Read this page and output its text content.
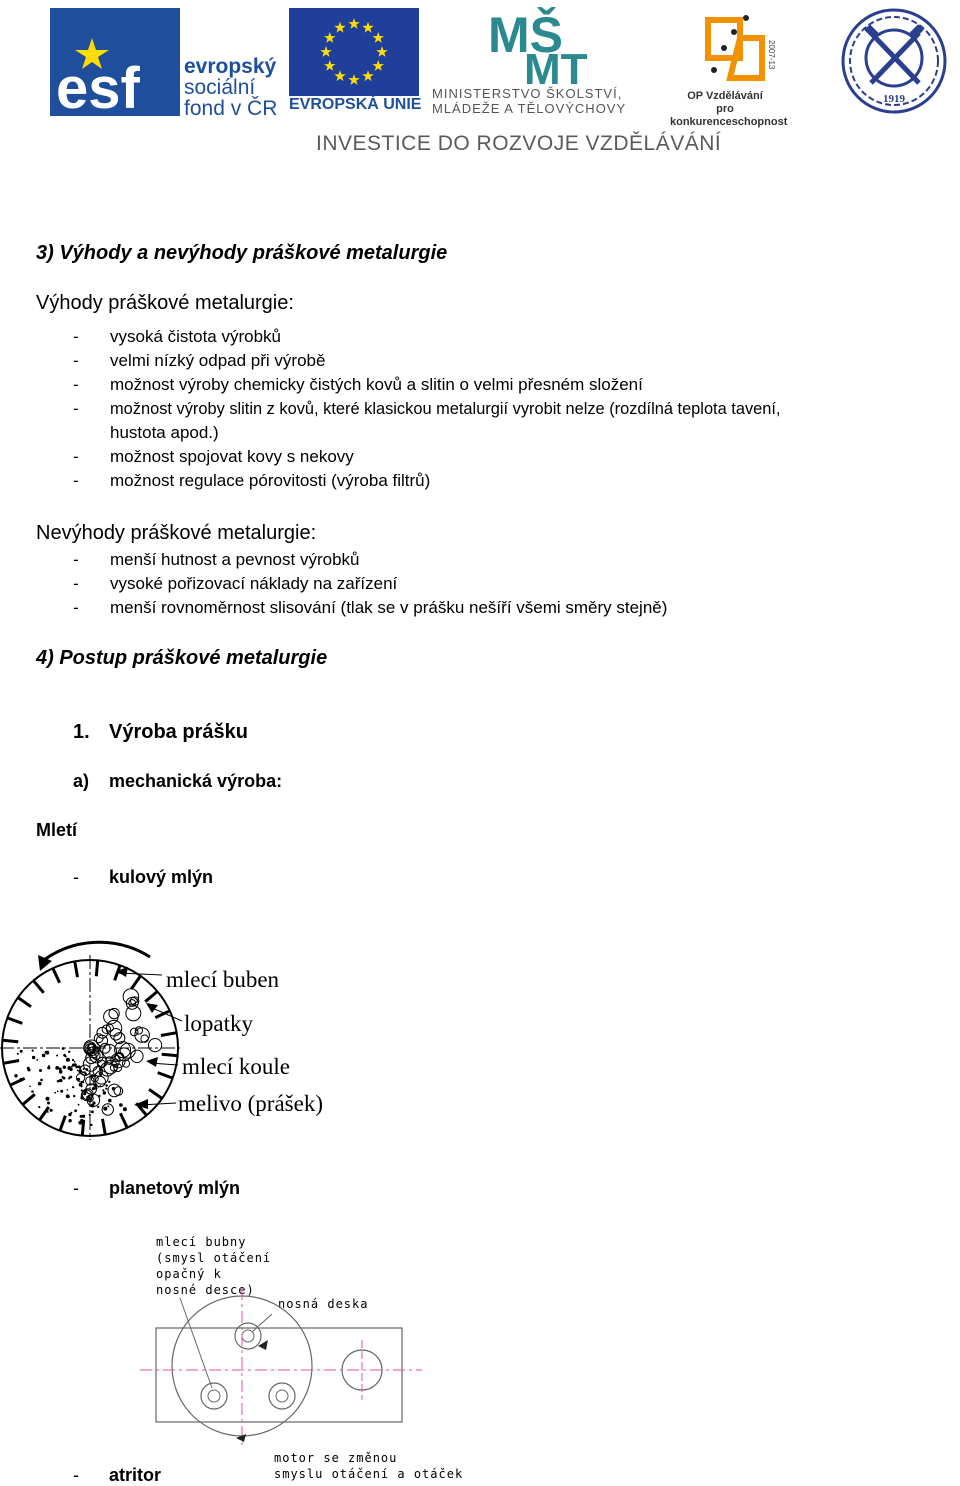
esf evropský
sociální
fond v ČR EVROPSKÁ UNIE
MŠ
MT
MINISTERSTVO ŠKOLSTVÍ,
MLÁDEŽE A TĚLOVÝCHOVY
2007-13
OP Vzdělávání
pro konkurenceschopnost
1919
INVESTICE DO ROZVOJE VZDĚLÁVÁNÍ
3) Výhody a nevýhody práškové metalurgie
Výhody práškové metalurgie:
- vysoká čistota výrobků
- velmi nízký odpad při výrobě
- možnost výroby chemicky čistých kovů a slitin o velmi přesném složení
- možnost výroby slitin z kovů, které klasickou metalurgií vyrobit nelze (rozdílná teplota tavení,
hustota apod.)
- možnost spojovat kovy s nekovy
- možnost regulace pórovitosti (výroba filtrů)
Nevýhody práškové metalurgie:
- menší hutnost a pevnost výrobků
- vysoké pořizovací náklady na zařízení
- menší rovnoměrnost slisování (tlak se v prášku nešíří všemi směry stejně)
4) Postup práškové metalurgie
1. Výroba prášku
a) mechanická výroba:
Mletí
- kulový mlýn
mlecí buben
lopatky
mlecí koule
melivo (prášek)
- planetový mlýn
mlecí bubny
(smysl otáčení
opačný k
nosné desce)
nosná deska
motor se změnou
smyslu otáčení a otáček
- atritor
